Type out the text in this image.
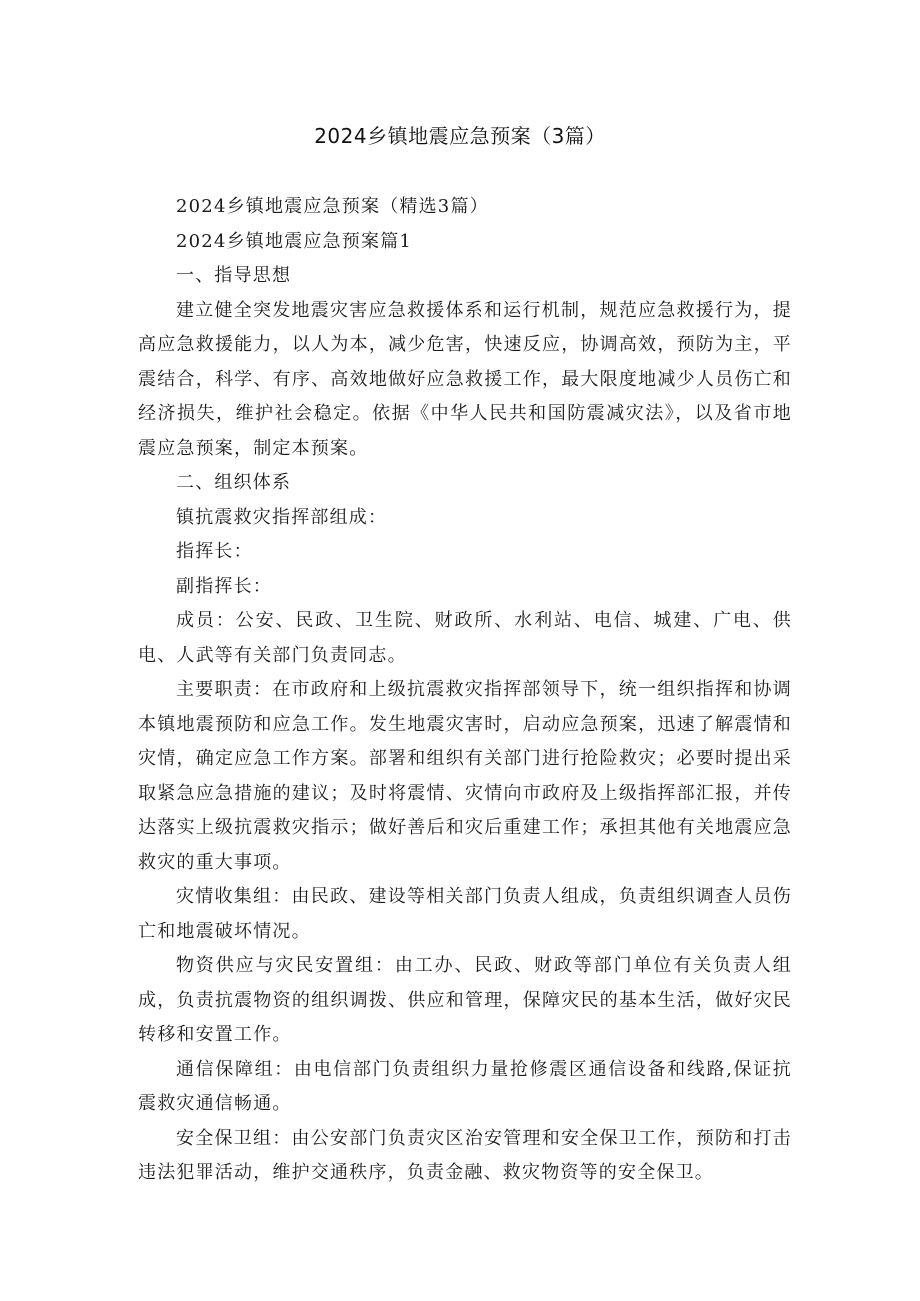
2024乡镇地震应急预案（3篇）

2024乡镇地震应急预案（精选3篇）

2024乡镇地震应急预案篇1

一、指导思想

建立健全突发地震灾害应急救援体系和运行机制，规范应急救援行为，提高应急救援能力，以人为本，减少危害，快速反应，协调高效，预防为主，平震结合，科学、有序、高效地做好应急救援工作，最大限度地减少人员伤亡和经济损失，维护社会稳定。依据《中华人民共和国防震减灾法》，以及省市地震应急预案，制定本预案。

二、组织体系

镇抗震救灾指挥部组成：

指挥长：

副指挥长：

成员：公安、民政、卫生院、财政所、水利站、电信、城建、广电、供电、人武等有关部门负责同志。

主要职责：在市政府和上级抗震救灾指挥部领导下，统一组织指挥和协调本镇地震预防和应急工作。发生地震灾害时，启动应急预案，迅速了解震情和灾情，确定应急工作方案。部署和组织有关部门进行抢险救灾；必要时提出采取紧急应急措施的建议；及时将震情、灾情向市政府及上级指挥部汇报，并传达落实上级抗震救灾指示；做好善后和灾后重建工作；承担其他有关地震应急救灾的重大事项。

灾情收集组：由民政、建设等相关部门负责人组成，负责组织调查人员伤亡和地震破坏情况。

物资供应与灾民安置组：由工办、民政、财政等部门单位有关负责人组成，负责抗震物资的组织调拨、供应和管理，保障灾民的基本生活，做好灾民转移和安置工作。

通信保障组：由电信部门负责组织力量抢修震区通信设备和线路,保证抗震救灾通信畅通。

安全保卫组：由公安部门负责灾区治安管理和安全保卫工作，预防和打击违法犯罪活动，维护交通秩序，负责金融、救灾物资等的安全保卫。
